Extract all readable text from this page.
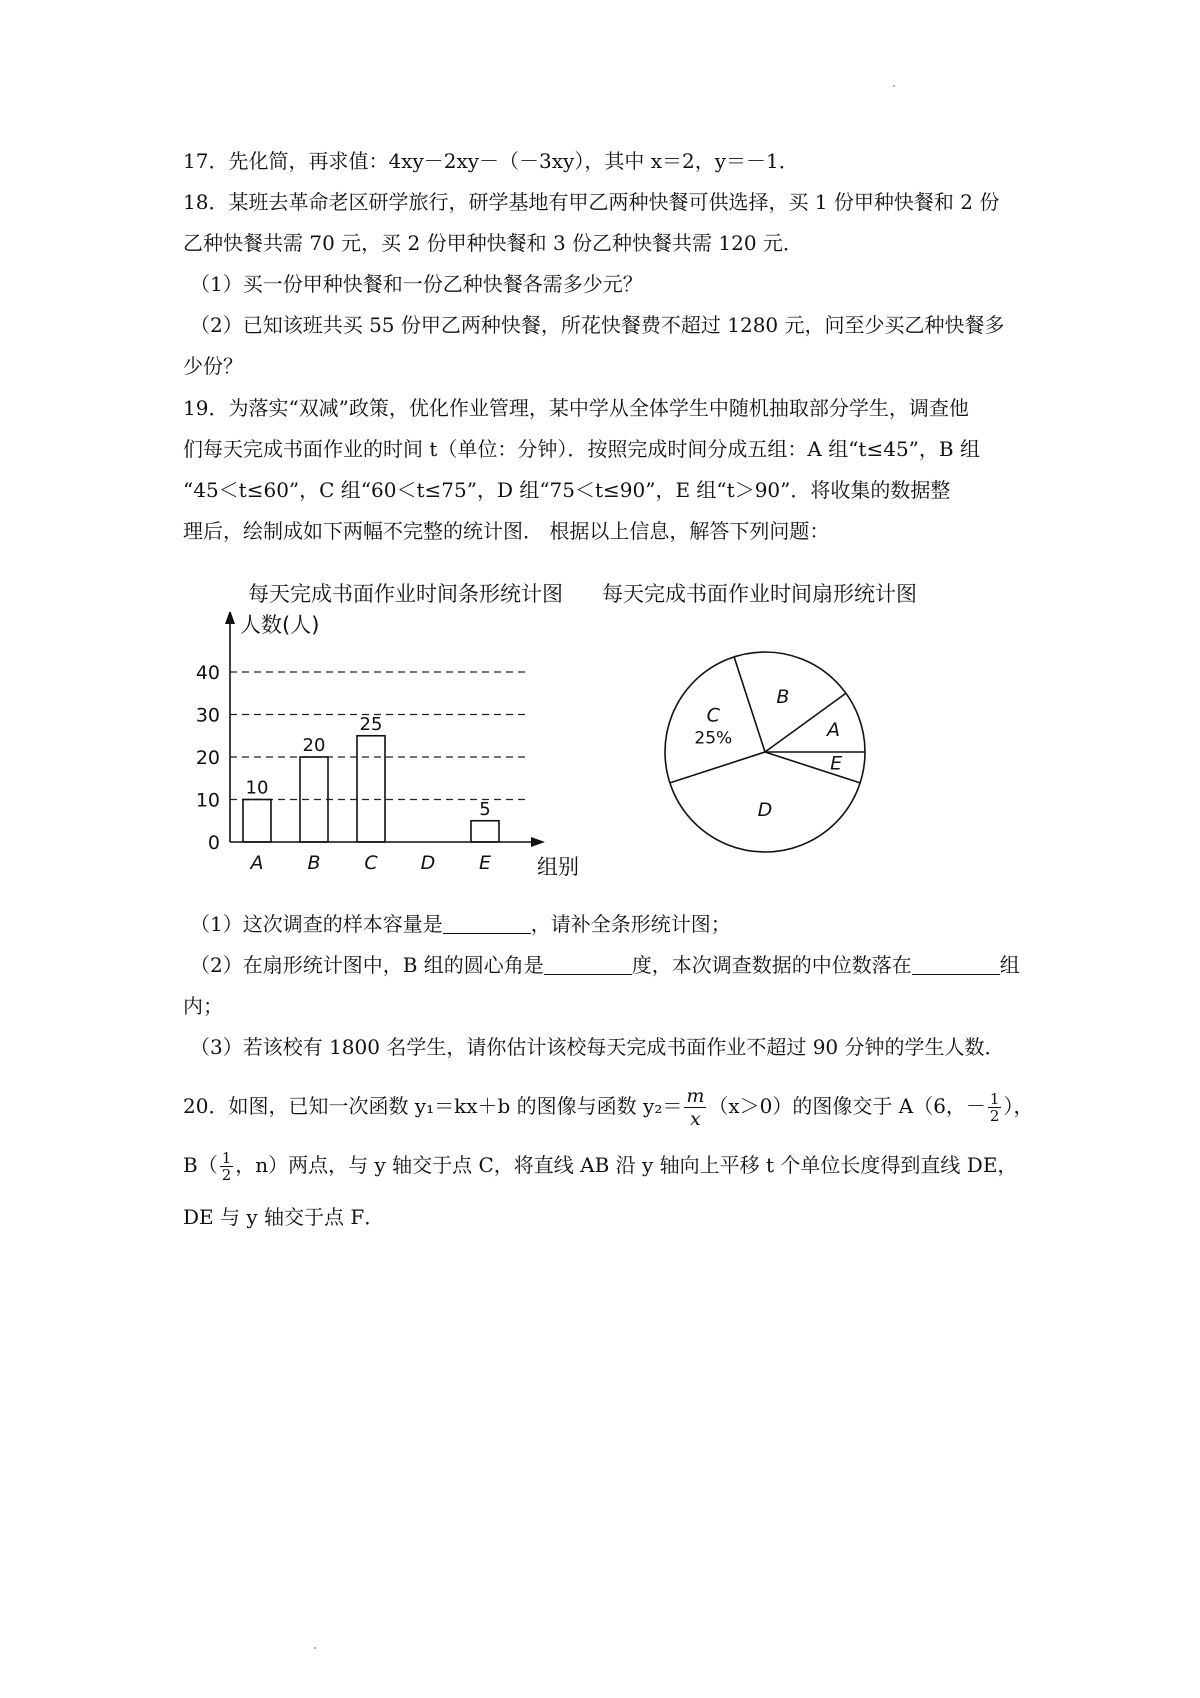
17．先化简，再求值：4xy－2xy－（－3xy），其中 x＝2，y＝－1．
18．某班去革命老区研学旅行，研学基地有甲乙两种快餐可供选择，买 1 份甲种快餐和 2 份
乙种快餐共需 70 元，买 2 份甲种快餐和 3 份乙种快餐共需 120 元．
（1）买一份甲种快餐和一份乙种快餐各需多少元？
（2）已知该班共买 55 份甲乙两种快餐，所花快餐费不超过 1280 元，问至少买乙种快餐多
少份？
19．为落实“双减”政策，优化作业管理，某中学从全体学生中随机抽取部分学生，调查他
们每天完成书面作业的时间 t（单位：分钟）．按照完成时间分成五组：A 组“t≤45”，B 组
“45＜t≤60”，C 组“60＜t≤75”，D 组“75＜t≤90”，E 组“t＞90”．将收集的数据整
理后，绘制成如下两幅不完整的统计图． 根据以上信息，解答下列问题：
每天完成书面作业时间条形统计图 每天完成书面作业时间扇形统计图
0
10
20
30
40
人数(人)
组别
10
A
20
B
25
C D
5
E
A
E
D
C
25%
B
（1）这次调查的样本容量是	，请补全条形统计图；
（2）在扇形统计图中，B 组的圆心角是	度，本次调查数据的中位数落在	组
内；
（3）若该校有 1800 名学生，请你估计该校每天完成书面作业不超过 90 分钟的学生人数．
20．如图，已知一次函数 y₁＝kx＋b 的图像与函数 $y_2= \frac{m}{x} (x>0)$的图像交于 A（6，－ $\frac{1}{2}$ ），
$B( \frac{1}{2}$ ，n）两点，与 y 轴交于点 C，将直线 AB 沿 y 轴向上平移 t 个单位长度得到直线 DE，
DE 与 y 轴交于点 F．
